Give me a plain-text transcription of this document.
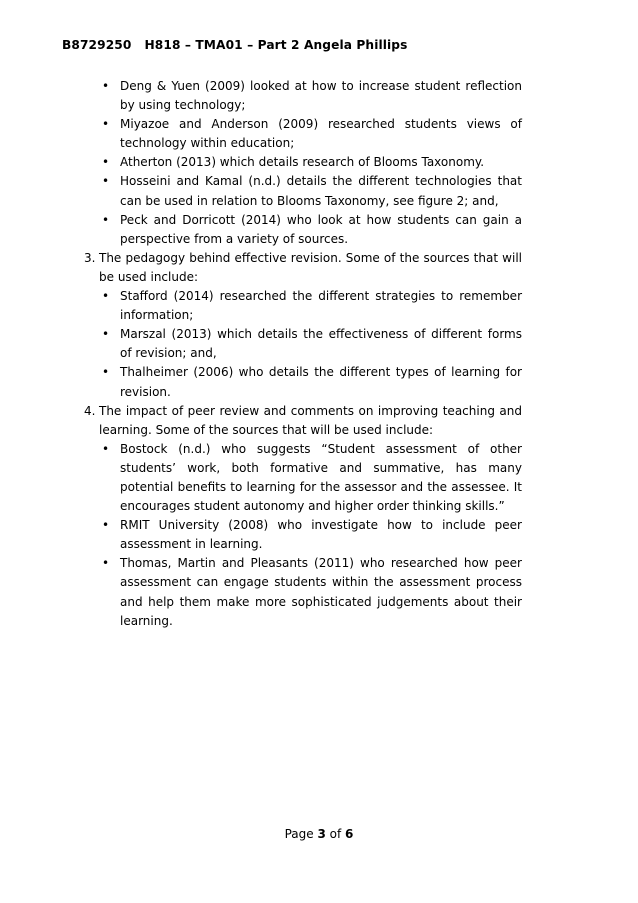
B8729250   H818 – TMA01 – Part 2 Angela Phillips
• Deng & Yuen (2009) looked at how to increase student reflection by using technology;
• Miyazoe and Anderson (2009) researched students views of technology within education;
• Atherton (2013) which details research of Blooms Taxonomy.
• Hosseini and Kamal (n.d.) details the different technologies that can be used in relation to Blooms Taxonomy, see figure 2; and,
• Peck and Dorricott (2014) who look at how students can gain a perspective from a variety of sources.
3. The pedagogy behind effective revision. Some of the sources that will be used include:
• Stafford (2014) researched the different strategies to remember information;
• Marszal (2013) which details the effectiveness of different forms of revision; and,
• Thalheimer (2006) who details the different types of learning for revision.
4. The impact of peer review and comments on improving teaching and learning. Some of the sources that will be used include:
• Bostock (n.d.) who suggests “Student assessment of other students’ work, both formative and summative, has many potential benefits to learning for the assessor and the assessee. It encourages student autonomy and higher order thinking skills.”
• RMIT University (2008) who investigate how to include peer assessment in learning.
• Thomas, Martin and Pleasants (2011) who researched how peer assessment can engage students within the assessment process and help them make more sophisticated judgements about their learning.
Page 3 of 6
